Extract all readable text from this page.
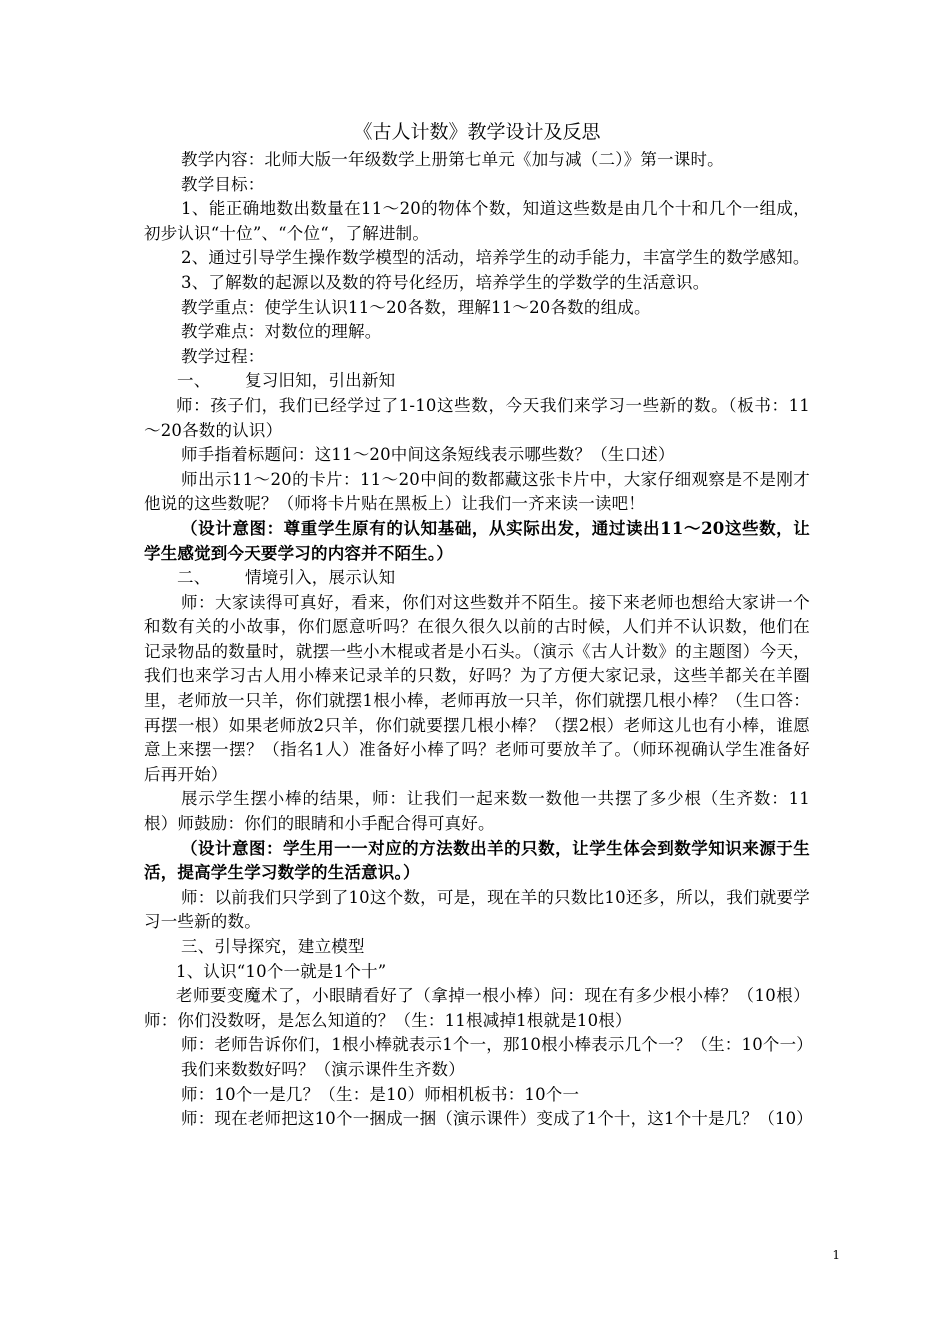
《古人计数》教学设计及反思
教学内容：北师大版一年级数学上册第七单元《加与减（二）》第一课时。
教学目标：
1、能正确地数出数量在11～20的物体个数，知道这些数是由几个十和几个一组成，初步认识“十位”、“个位“，了解进制。
2、通过引导学生操作数学模型的活动，培养学生的动手能力，丰富学生的数学感知。
3、了解数的起源以及数的符号化经历，培养学生的学数学的生活意识。
教学重点：使学生认识11～20各数，理解11～20各数的组成。
教学难点：对数位的理解。
教学过程：
一、 复习旧知，引出新知
师：孩子们，我们已经学过了1-10这些数，今天我们来学习一些新的数。（板书：11～20各数的认识）
师手指着标题问：这11～20中间这条短线表示哪些数？（生口述）
师出示11～20的卡片：11～20中间的数都藏这张卡片中，大家仔细观察是不是刚才他说的这些数呢？（师将卡片贴在黑板上）让我们一齐来读一读吧！
（设计意图：尊重学生原有的认知基础，从实际出发，通过读出11～20这些数，让学生感觉到今天要学习的内容并不陌生。）
二、 情境引入，展示认知
师：大家读得可真好，看来，你们对这些数并不陌生。接下来老师也想给大家讲一个和数有关的小故事，你们愿意听吗？在很久很久以前的古时候，人们并不认识数，他们在记录物品的数量时，就摆一些小木棍或者是小石头。（演示《古人计数》的主题图）今天，我们也来学习古人用小棒来记录羊的只数，好吗？为了方便大家记录，这些羊都关在羊圈里，老师放一只羊，你们就摆1根小棒，老师再放一只羊，你们就摆几根小棒？（生口答：再摆一根）如果老师放2只羊，你们就要摆几根小棒？（摆2根）老师这儿也有小棒，谁愿意上来摆一摆？（指名1人）准备好小棒了吗？老师可要放羊了。（师环视确认学生准备好后再开始）
展示学生摆小棒的结果，师：让我们一起来数一数他一共摆了多少根（生齐数：11根）师鼓励：你们的眼睛和小手配合得可真好。
（设计意图：学生用一一对应的方法数出羊的只数，让学生体会到数学知识来源于生活，提高学生学习数学的生活意识。）
师：以前我们只学到了10这个数，可是，现在羊的只数比10还多，所以，我们就要学习一些新的数。
三、引导探究，建立模型
1、认识“10个一就是1个十”
老师要变魔术了，小眼睛看好了（拿掉一根小棒）问：现在有多少根小棒？（10根）师：你们没数呀，是怎么知道的？（生：11根减掉1根就是10根）
师：老师告诉你们，1根小棒就表示1个一，那10根小棒表示几个一？（生：10个一）
我们来数数好吗？（演示课件生齐数）
师：10个一是几？（生：是10）师相机板书：10个一
师：现在老师把这10个一捆成一捆（演示课件）变成了1个十，这1个十是几？（10）
1
